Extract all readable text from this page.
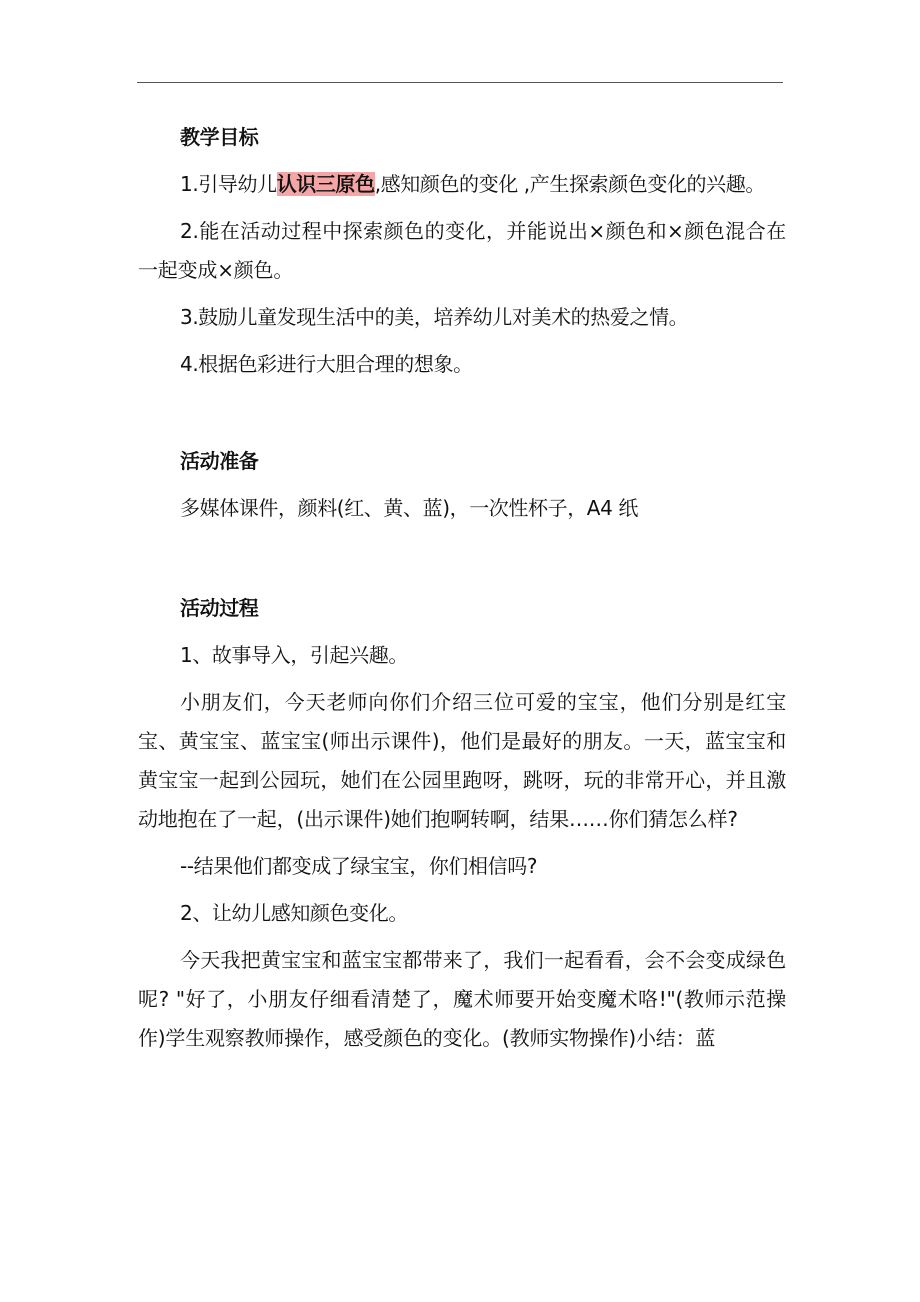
教学目标

1.引导幼儿认识三原色,感知颜色的变化 ,产生探索颜色变化的兴趣。

2.能在活动过程中探索颜色的变化，并能说出×颜色和×颜色混合在一起变成×颜色。

3.鼓励儿童发现生活中的美，培养幼儿对美术的热爱之情。

4.根据色彩进行大胆合理的想象。

活动准备

多媒体课件，颜料(红、黄、蓝)，一次性杯子，A4 纸

活动过程

1、故事导入，引起兴趣。

小朋友们，今天老师向你们介绍三位可爱的宝宝，他们分别是红宝宝、黄宝宝、蓝宝宝(师出示课件)，他们是最好的朋友。一天，蓝宝宝和黄宝宝一起到公园玩，她们在公园里跑呀，跳呀，玩的非常开心，并且激动地抱在了一起，(出示课件)她们抱啊转啊，结果……你们猜怎么样?

--结果他们都变成了绿宝宝，你们相信吗?

2、让幼儿感知颜色变化。

今天我把黄宝宝和蓝宝宝都带来了，我们一起看看，会不会变成绿色呢? "好了，小朋友仔细看清楚了，魔术师要开始变魔术咯!"(教师示范操作)学生观察教师操作，感受颜色的变化。(教师实物操作)小结：蓝
